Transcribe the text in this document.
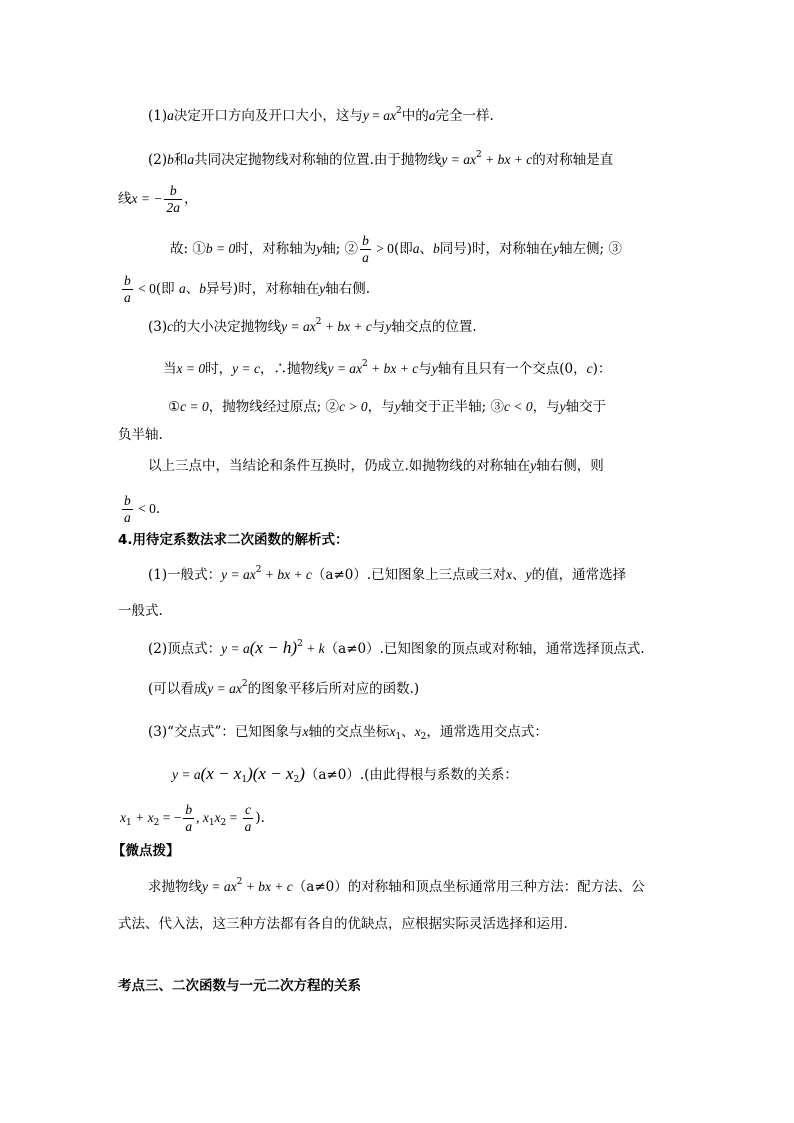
(1)a决定开口方向及开口大小，这与$y = ax^2$中的a完全一样.
(2)b和a共同决定抛物线对称轴的位置.由于抛物线$y = ax^2$ + bx + c的对称轴是直
线x = − $\frac{b}{2a}$ ，
故: ①b = 0时，对称轴为y轴; ② $\frac{b}{a} > 0$(即a、b同号)时，对称轴在y轴左侧; ③
$\frac{b}{a} < 0$(即 a、b异号)时，对称轴在y轴右侧.
(3)c的大小决定抛物线$y = ax^2$ + bx + c与y轴交点的位置.
当x = 0时，y = c，∴抛物线$y = ax^2$ + bx + c与y轴有且只有一个交点(0，c)：
①c = 0，抛物线经过原点; ②c > 0，与y轴交于正半轴; ③c < 0，与y轴交于
负半轴.
以上三点中，当结论和条件互换时，仍成立.如抛物线的对称轴在y轴右侧，则
$\frac{b}{a} < 0$.
4.用待定系数法求二次函数的解析式：
(1)一般式：$y = ax^2$ + bx + c（a≠0）.已知图象上三点或三对x、y的值，通常选择
一般式.
(2)顶点式：$y = a(x - h)^2 + k(a\ne 0)$.已知图象的顶点或对称轴，通常选择顶点式.
(可以看成$y = ax^2$的图象平移后所对应的函数.)
(3)“交点式”：已知图象与x轴的交点坐标$x_1$、$x_2$，通常选用交点式：
$y = a(x - x_1)(x - x_2)(a\ne 0)$.(由此得根与系数的关系：
$x_1 + x_2$ = − $\frac{b}{a}$ , $x_1x_2 = \frac{c}{a}$ ).
【微点拨】
求抛物线$y = ax^2$ + bx + c（a≠0）的对称轴和顶点坐标通常用三种方法：配方法、公
式法、代入法，这三种方法都有各自的优缺点，应根据实际灵活选择和运用.
考点三、二次函数与一元二次方程的关系
